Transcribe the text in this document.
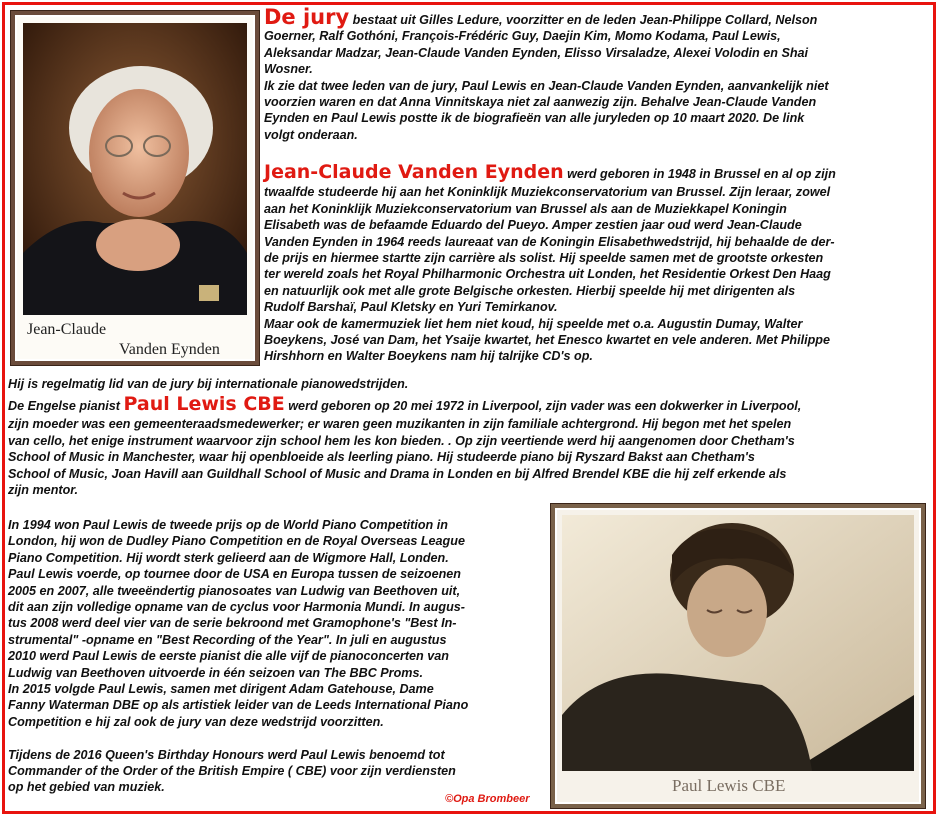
Jean-Claude
Vanden Eynden

De jury bestaat uit Gilles Ledure, voorzitter en de leden Jean-Philippe Collard, Nelson

Goerner, Ralf Gothóni, François-Frédéric Guy, Daejin Kim, Momo Kodama, Paul Lewis,

Aleksandar Madzar, Jean-Claude Vanden Eynden, Elisso Virsaladze, Alexei Volodin en Shai

Wosner.

Ik zie dat twee leden van de jury, Paul Lewis en Jean-Claude Vanden Eynden, aanvankelijk niet

voorzien waren en dat Anna Vinnitskaya niet zal aanwezig zijn. Behalve Jean-Claude Vanden

Eynden en Paul Lewis postte ik de biografieën van alle juryleden op 10 maart 2020. De link

volgt onderaan.

Jean-Claude Vanden Eynden werd geboren in 1948 in Brussel en al op zijn

twaalfde studeerde hij aan het Koninklijk Muziekconservatorium van Brussel. Zijn leraar, zowel

aan het Koninklijk Muziekconservatorium van Brussel als aan de Muziekkapel Koningin

Elisabeth was de befaamde Eduardo del Pueyo. Amper zestien jaar oud werd Jean-Claude

Vanden Eynden in 1964 reeds laureaat van de Koningin Elisabethwedstrijd, hij behaalde de der-

de prijs en hiermee startte zijn carrière als solist. Hij speelde samen met de grootste orkesten

ter wereld zoals het Royal Philharmonic Orchestra uit Londen, het Residentie Orkest Den Haag

en natuurlijk ook met alle grote Belgische orkesten. Hierbij speelde hij met dirigenten als

Rudolf Barshaï, Paul Kletsky en Yuri Temirkanov.

Maar ook de kamermuziek liet hem niet koud, hij speelde met o.a. Augustin Dumay, Walter

Boeykens, José van Dam, het Ysaije kwartet, het Enesco kwartet en vele anderen. Met Philippe

Hirshhorn en Walter Boeykens nam hij talrijke CD's op.

Hij is regelmatig lid van de jury bij internationale pianowedstrijden.

De Engelse pianist Paul Lewis CBE werd geboren op 20 mei 1972 in Liverpool, zijn vader was een dokwerker in Liverpool,

zijn moeder was een gemeenteraadsmedewerker; er waren geen muzikanten in zijn familiale achtergrond. Hij begon met het spelen

van cello, het enige instrument waarvoor zijn school hem les kon bieden. . Op zijn veertiende werd hij aangenomen door Chetham's

School of Music in Manchester, waar hij openbloeide als leerling piano. Hij studeerde piano bij Ryszard Bakst aan Chetham's

School of Music, Joan Havill aan Guildhall School of Music and Drama in Londen en bij Alfred Brendel KBE die hij zelf erkende als

zijn mentor.

In 1994 won Paul Lewis de tweede prijs op de World Piano Competition in

London, hij won de Dudley Piano Competition en de Royal Overseas League

Piano Competition. Hij wordt sterk gelieerd aan de Wigmore Hall, Londen.

Paul Lewis voerde, op tournee door de USA en Europa tussen de seizoenen

2005 en 2007, alle tweeëndertig pianosoates van Ludwig van Beethoven uit,

dit aan zijn volledige opname van de cyclus voor Harmonia Mundi. In augus-

tus 2008 werd deel vier van de serie bekroond met Gramophone's "Best In-

strumental" -opname en "Best Recording of the Year". In juli en augustus

2010 werd Paul Lewis de eerste pianist die alle vijf de pianoconcerten van

Ludwig van Beethoven uitvoerde in één seizoen van The BBC Proms.

In 2015 volgde Paul Lewis, samen met dirigent Adam Gatehouse, Dame

Fanny Waterman DBE op als artistiek leider van de Leeds International Piano

Competition e hij zal ook de jury van deze wedstrijd voorzitten.

Tijdens de 2016 Queen's Birthday Honours werd Paul Lewis benoemd tot

Commander of the Order of the British Empire ( CBE) voor zijn verdiensten

op het gebied van muziek.

©Opa Brombeer
Paul Lewis CBE
